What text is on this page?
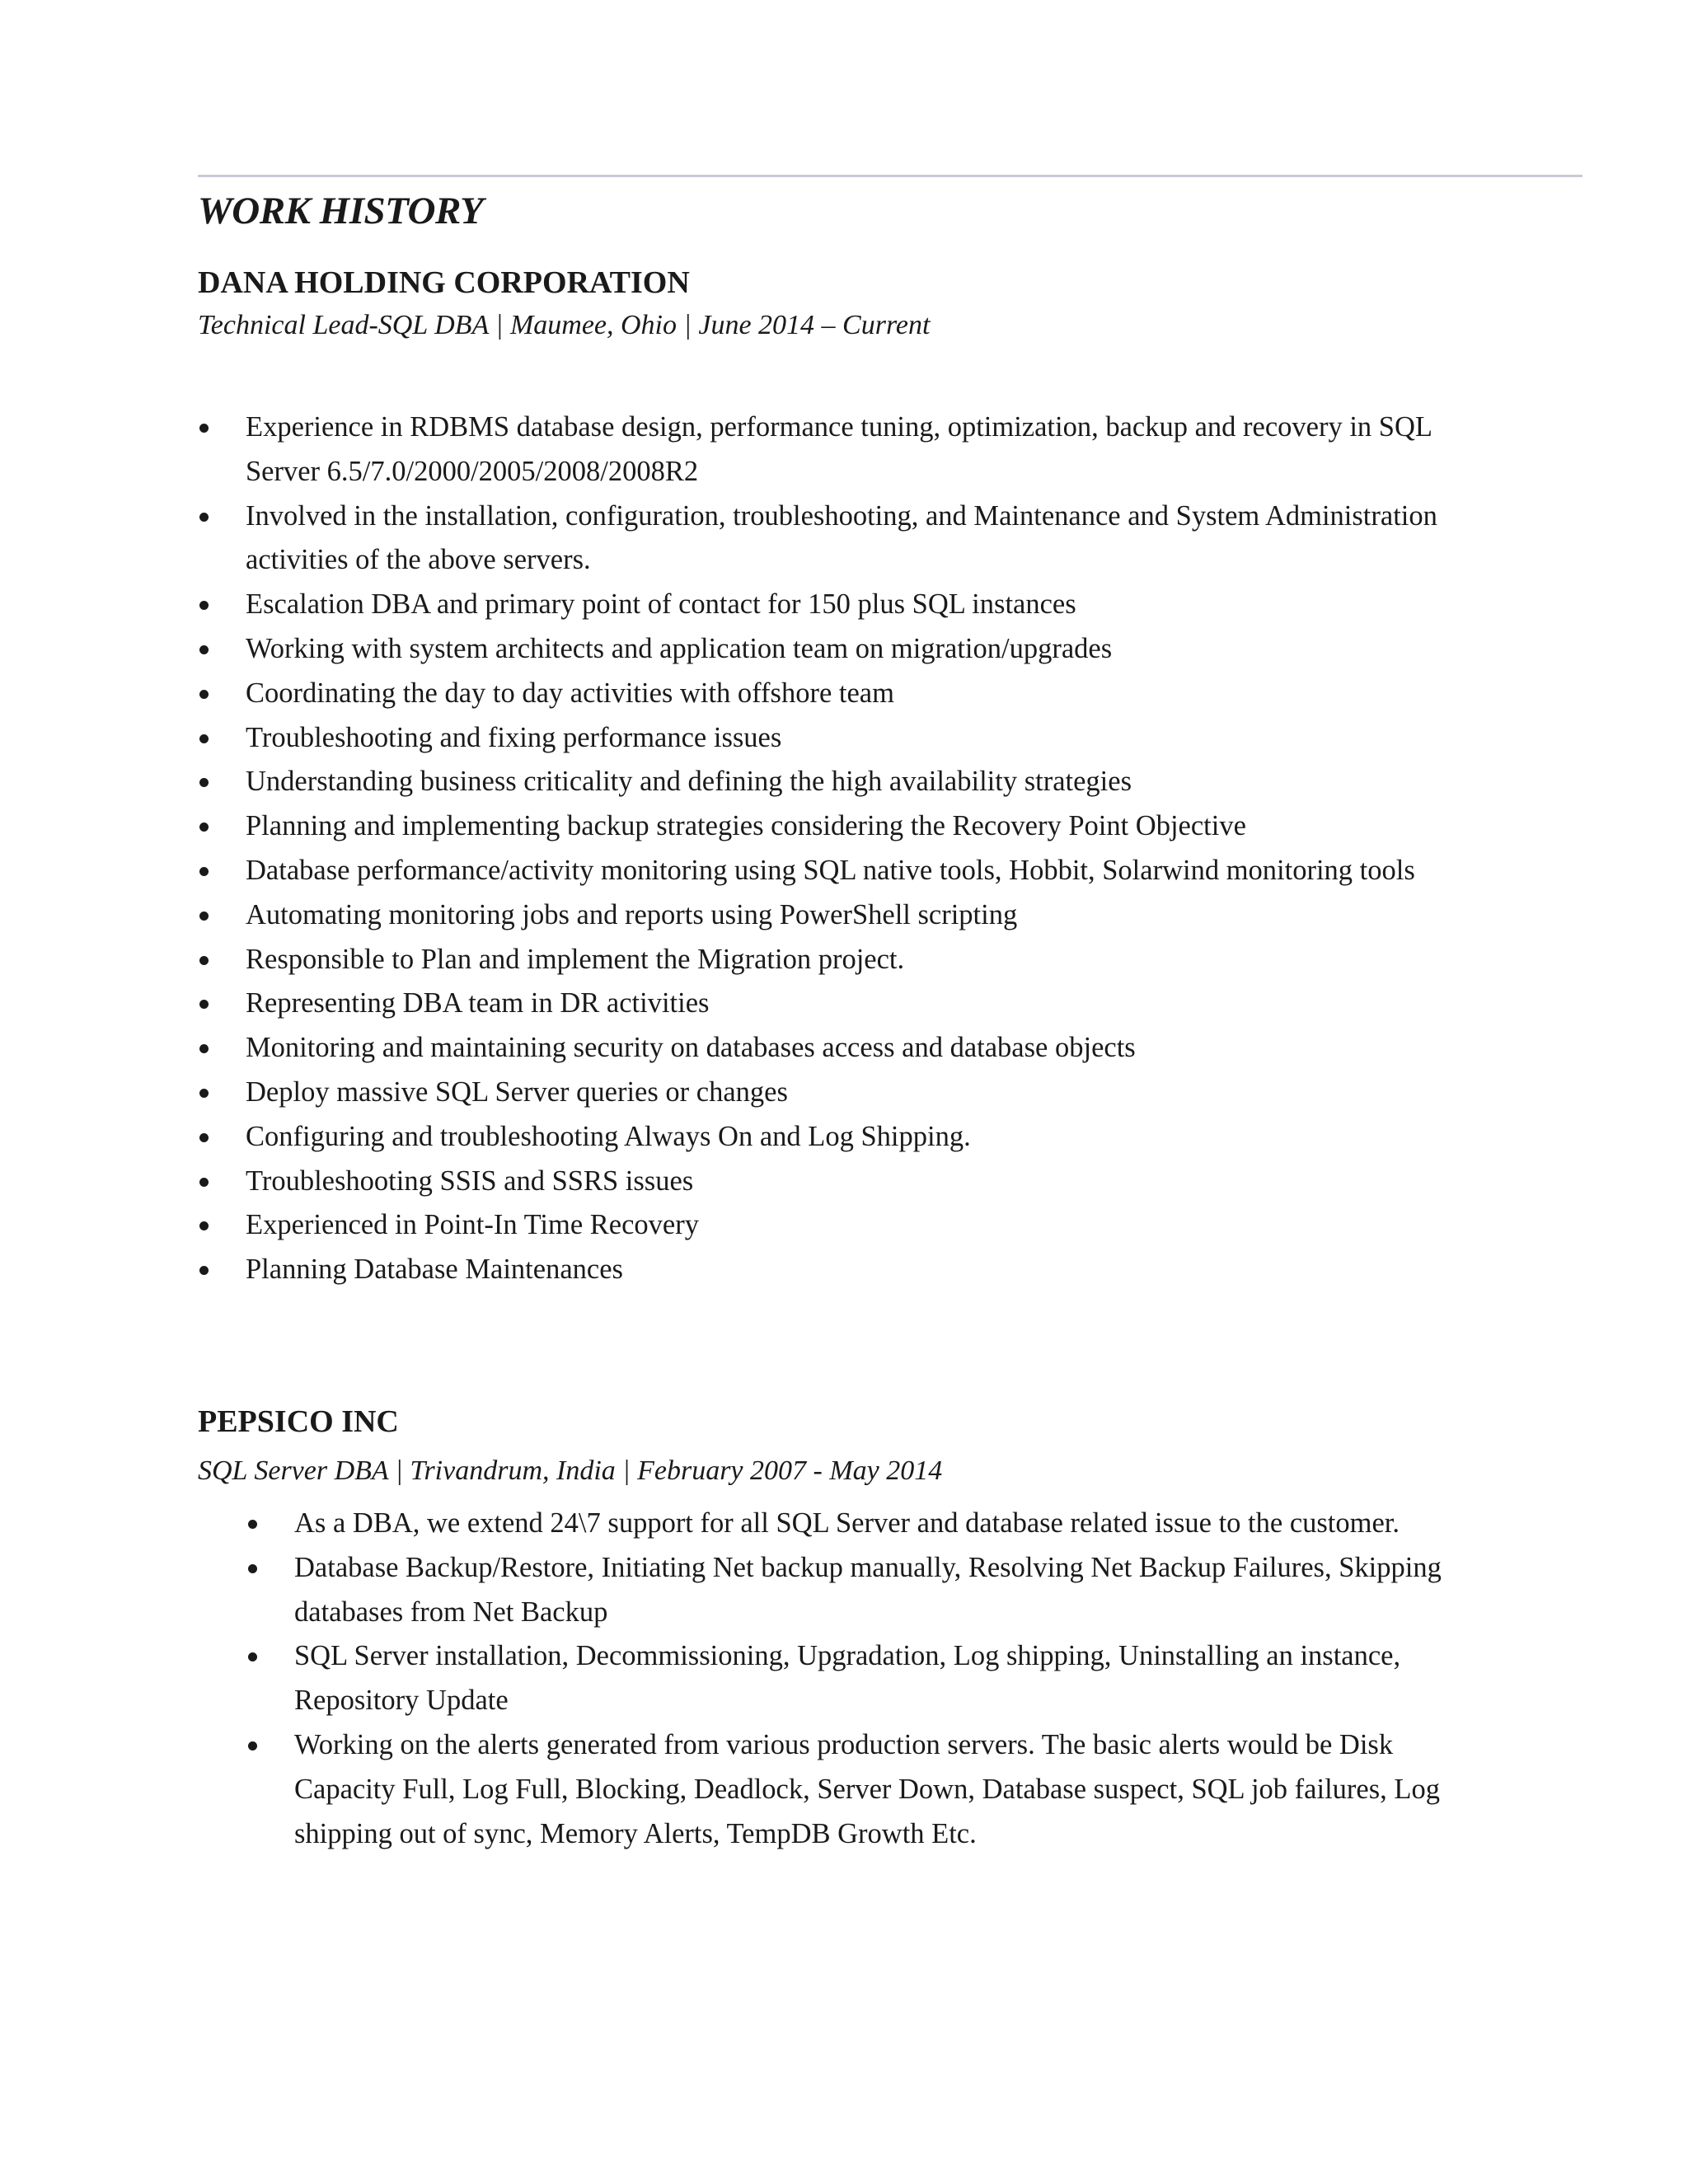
WORK HISTORY
DANA HOLDING CORPORATION

Technical Lead-SQL DBA | Maumee, Ohio | June 2014 – Current

Experience in RDBMS database design, performance tuning, optimization, backup and recovery in SQL Server 6.5/7.0/2000/2005/2008/2008R2
Involved in the installation, configuration, troubleshooting, and Maintenance and System Administration activities of the above servers.
Escalation DBA and primary point of contact for 150 plus SQL instances
Working with system architects and application team on migration/upgrades
Coordinating the day to day activities with offshore team
Troubleshooting and fixing performance issues
Understanding business criticality and defining the high availability strategies
Planning and implementing backup strategies considering the Recovery Point Objective
Database performance/activity monitoring using SQL native tools, Hobbit, Solarwind monitoring tools
Automating monitoring jobs and reports using PowerShell scripting
Responsible to Plan and implement the Migration project.
Representing DBA team in DR activities
Monitoring and maintaining security on databases access and database objects
Deploy massive SQL Server queries or changes
Configuring and troubleshooting Always On and Log Shipping.
Troubleshooting SSIS and SSRS issues
Experienced in Point-In Time Recovery
Planning Database Maintenances
PEPSICO INC

SQL Server DBA | Trivandrum, India | February 2007 - May 2014

As a DBA, we extend 24\7 support for all SQL Server and database related issue to the customer.
Database Backup/Restore, Initiating Net backup manually, Resolving Net Backup Failures, Skipping databases from Net Backup
SQL Server installation, Decommissioning, Upgradation, Log shipping, Uninstalling an instance, Repository Update
Working on the alerts generated from various production servers. The basic alerts would be Disk Capacity Full, Log Full, Blocking, Deadlock, Server Down, Database suspect, SQL job failures, Log shipping out of sync, Memory Alerts, TempDB Growth Etc.
